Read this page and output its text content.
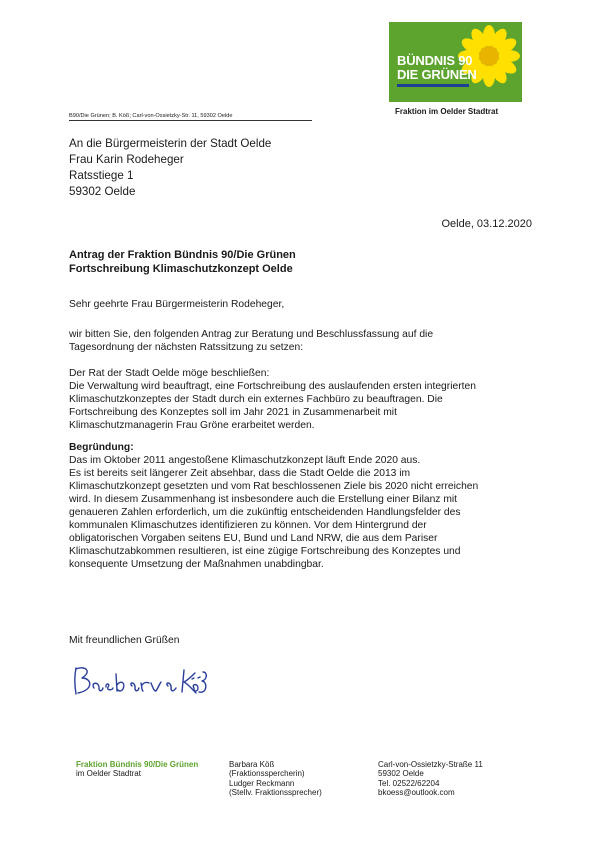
BÜNDNIS 90
DIE GRÜNEN
Fraktion im Oelder Stadtrat
B90/Die Grünen; B. Köß; Carl-von-Ossietzky-Str. 11, 59302 Oelde
An die Bürgermeisterin der Stadt Oelde
Frau Karin Rodeheger
Ratsstiege 1
59302 Oelde
Oelde, 03.12.2020
Antrag der Fraktion Bündnis 90/Die Grünen
Fortschreibung Klimaschutzkonzept Oelde
Sehr geehrte Frau Bürgermeisterin Rodeheger,

wir bitten Sie, den folgenden Antrag zur Beratung und Beschlussfassung auf die

Tagesordnung der nächsten Ratssitzung zu setzen:

Der Rat der Stadt Oelde möge beschließen:

Die Verwaltung wird beauftragt, eine Fortschreibung des auslaufenden ersten integrierten

Klimaschutzkonzeptes der Stadt durch ein externes Fachbüro zu beauftragen. Die

Fortschreibung des Konzeptes soll im Jahr 2021 in Zusammenarbeit mit

Klimaschutzmanagerin Frau Gröne erarbeitet werden.

Begründung:

Das im Oktober 2011 angestoßene Klimaschutzkonzept läuft Ende 2020 aus.

Es ist bereits seit längerer Zeit absehbar, dass die Stadt Oelde die 2013 im

Klimaschutzkonzept gesetzten und vom Rat beschlossenen Ziele bis 2020 nicht erreichen

wird. In diesem Zusammenhang ist insbesondere auch die Erstellung einer Bilanz mit

genaueren Zahlen erforderlich, um die zukünftig entscheidenden Handlungsfelder des

kommunalen Klimaschutzes identifizieren zu können. Vor dem Hintergrund der

obligatorischen Vorgaben seitens EU, Bund und Land NRW, die aus dem Pariser

Klimaschutzabkommen resultieren, ist eine zügige Fortschreibung des Konzeptes und

konsequente Umsetzung der Maßnahmen unabdingbar.

Mit freundlichen Grüßen
Fraktion Bündnis 90/Die Grünen
im Oelder Stadtrat
Barbara Köß
(Fraktionsspercherin)
Ludger Reckmann
(Stellv. Fraktionssprecher)
Carl-von-Ossietzky-Straße 11
59302 Oelde
Tel. 02522/62204
bkoess@outlook.com
